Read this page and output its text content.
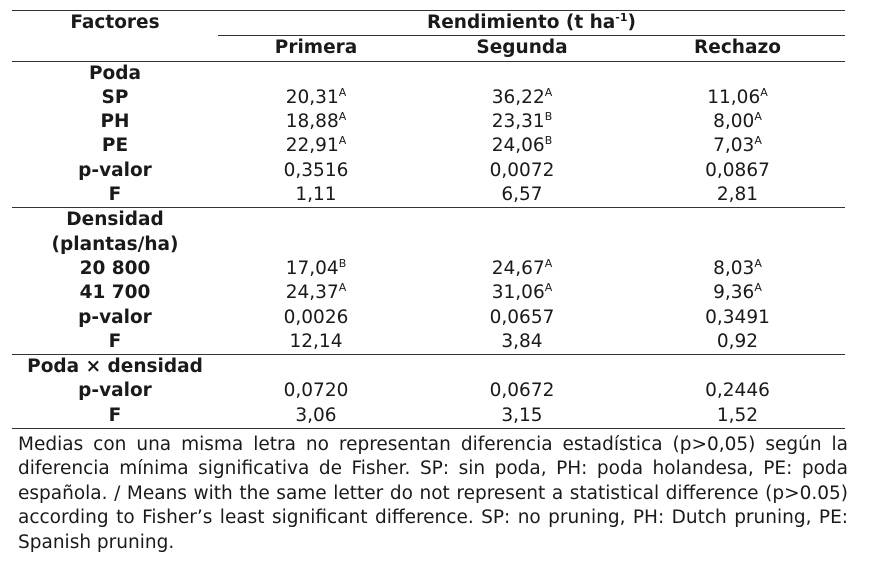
Factores	Rendimiento (t $ha^{-1}$)		
	Primera	Segunda	Rechazo
Poda			
SP	$20,31^A$	$36,22^A$	$11,06^A$
PH	$18,88^A$	$23,31^B$	$8,00^A$
PE	$22,91^A$	$24,06^B$	$7,03^A$
p-valor	0,3516	0,0072	0,0867
F	1,11	6,57	2,81
Densidad			
(plantas/ha)			
20 800	$17,04^B$	$24,67^A$	$8,03^A$
41 700	$24,37^A$	$31,06^A$	$9,36^A$
p-valor	0,0026	0,0657	0,3491
F	12,14	3,84	0,92
Poda × densidad			
p-valor	0,0720	0,0672	0,2446
F	3,06	3,15	1,52

Medias con una misma letra no representan diferencia estadística (p>0,05) según la diferencia mínima significativa de Fisher. SP: sin poda, PH: poda holandesa, PE: poda española. / Means with the same letter do not represent a statistical difference (p>0.05) according to Fisher’s least significant difference. SP: no pruning, PH: Dutch pruning, PE: Spanish pruning.
